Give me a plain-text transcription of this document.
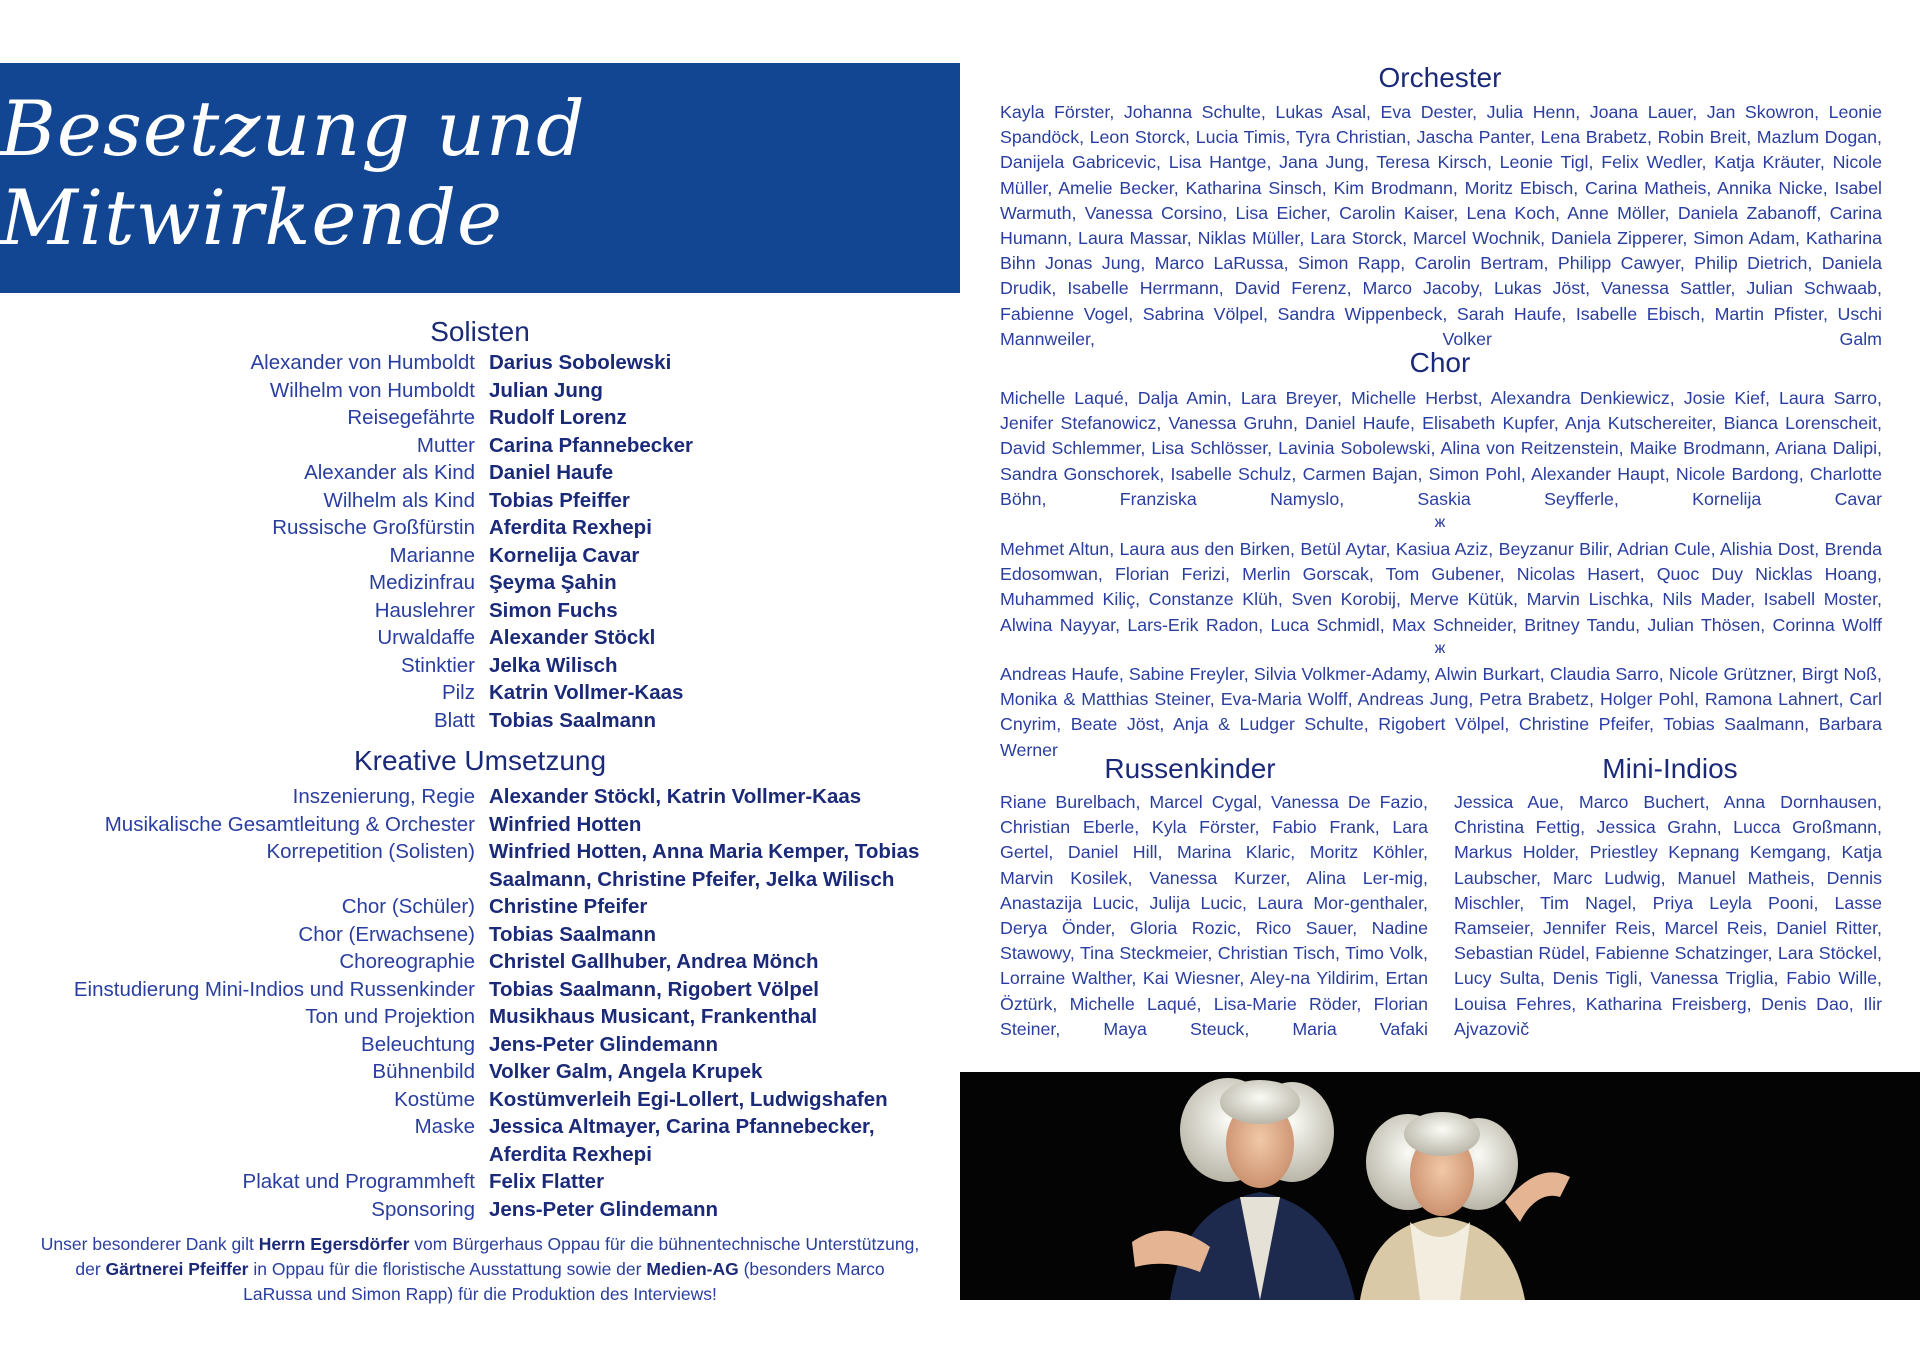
Besetzung und Mitwirkende
Solisten
Alexander von Humboldt Darius Sobolewski
Wilhelm von Humboldt Julian Jung
Reisegefährte Rudolf Lorenz
Mutter Carina Pfannebecker
Alexander als Kind Daniel Haufe
Wilhelm als Kind Tobias Pfeiffer
Russische Großfürstin Aferdita Rexhepi
Marianne Kornelija Cavar
Medizinfrau Şeyma Şahin
Hauslehrer Simon Fuchs
Urwaldaffe Alexander Stöckl
Stinktier Jelka Wilisch
Pilz Katrin Vollmer-Kaas
Blatt Tobias Saalmann
Kreative Umsetzung
Inszenierung, Regie Alexander Stöckl, Katrin Vollmer-Kaas
Musikalische Gesamtleitung & Orchester Winfried Hotten
Korrepetition (Solisten) Winfried Hotten, Anna Maria Kemper, Tobias Saalmann, Christine Pfeifer, Jelka Wilisch
Chor (Schüler) Christine Pfeifer
Chor (Erwachsene) Tobias Saalmann
Choreographie Christel Gallhuber, Andrea Mönch
Einstudierung Mini-Indios und Russenkinder Tobias Saalmann, Rigobert Völpel
Ton und Projektion Musikhaus Musicant, Frankenthal
Beleuchtung Jens-Peter Glindemann
Bühnenbild Volker Galm, Angela Krupek
Kostüme Kostümverleih Egi-Lollert, Ludwigshafen
Maske Jessica Altmayer, Carina Pfannebecker, Aferdita Rexhepi
Plakat und Programmheft Felix Flatter
Sponsoring Jens-Peter Glindemann
Unser besonderer Dank gilt Herrn Egersdörfer vom Bürgerhaus Oppau für die bühnentechnische Unterstützung, der Gärtnerei Pfeiffer in Oppau für die floristische Ausstattung sowie der Medien-AG (besonders Marco LaRussa und Simon Rapp) für die Produktion des Interviews!
Orchester

Kayla Förster, Johanna Schulte, Lukas Asal, Eva Dester, Julia Henn, Joana Lauer, Jan Skowron, Leonie Spandöck, Leon Storck, Lucia Timis, Tyra Christian, Jascha Panter, Lena Brabetz, Robin Breit, Mazlum Dogan, Danijela Gabricevic, Lisa Hantge, Jana Jung, Teresa Kirsch, Leonie Tigl, Felix Wedler, Katja Kräuter, Nicole Müller, Amelie Becker, Katharina Sinsch, Kim Brodmann, Moritz Ebisch, Carina Matheis, Annika Nicke, Isabel Warmuth, Vanessa Corsino, Lisa Eicher, Carolin Kaiser, Lena Koch, Anne Möller, Daniela Zabanoff, Carina Humann, Laura Massar, Niklas Müller, Lara Storck, Marcel Wochnik, Daniela Zipperer, Simon Adam, Katharina Bihn Jonas Jung, Marco LaRussa, Simon Rapp, Carolin Bertram, Philipp Cawyer, Philip Dietrich, Daniela Drudik, Isabelle Herrmann, David Ferenz, Marco Jacoby, Lukas Jöst, Vanessa Sattler, Julian Schwaab, Fabienne Vogel, Sabrina Völpel, Sandra Wippenbeck, Sarah Haufe, Isabelle Ebisch, Martin Pfister, Uschi Mannweiler, Volker Galm

Chor

Michelle Laqué, Dalja Amin, Lara Breyer, Michelle Herbst, Alexandra Denkiewicz, Josie Kief, Laura Sarro, Jenifer Stefanowicz, Vanessa Gruhn, Daniel Haufe, Elisabeth Kupfer, Anja Kutschereiter, Bianca Lorenscheit, David Schlemmer, Lisa Schlösser, Lavinia Sobolewski, Alina von Reitzenstein, Maike Brodmann, Ariana Dalipi, Sandra Gonschorek, Isabelle Schulz, Carmen Bajan, Simon Pohl, Alexander Haupt, Nicole Bardong, Charlotte Böhn, Franziska Namyslo, Saskia Seyfferle, Kornelija Cavar

ж

Mehmet Altun, Laura aus den Birken, Betül Aytar, Kasiua Aziz, Beyzanur Bilir, Adrian Cule, Alishia Dost, Brenda Edosomwan, Florian Ferizi, Merlin Gorscak, Tom Gubener, Nicolas Hasert, Quoc Duy Nicklas Hoang, Muhammed Kiliç, Constanze Klüh, Sven Korobij, Merve Kütük, Marvin Lischka, Nils Mader, Isabell Moster, Alwina Nayyar, Lars-Erik Radon, Luca Schmidl, Max Schneider, Britney Tandu, Julian Thösen, Corinna Wolff

ж

Andreas Haufe, Sabine Freyler, Silvia Volkmer-Adamy, Alwin Burkart, Claudia Sarro, Nicole Grützner, Birgt Noß, Monika & Matthias Steiner, Eva-Maria Wolff, Andreas Jung, Petra Brabetz, Holger Pohl, Ramona Lahnert, Carl Cnyrim, Beate Jöst, Anja & Ludger Schulte, Rigobert Völpel, Christine Pfeifer, Tobias Saalmann, Barbara Werner

Russenkinder

Riane Burelbach, Marcel Cygal, Vanessa De Fazio, Christian Eberle, Kyla Förster, Fabio Frank, Lara Gertel, Daniel Hill, Marina Klaric, Moritz Köhler, Marvin Kosilek, Vanessa Kurzer, Alina Ler-mig, Anastazija Lucic, Julija Lucic, Laura Mor-genthaler, Derya Önder, Gloria Rozic, Rico Sauer, Nadine Stawowy, Tina Steckmeier, Christian Tisch, Timo Volk, Lorraine Walther, Kai Wiesner, Aley-na Yildirim, Ertan Öztürk, Michelle Laqué, Lisa-Marie Röder, Florian Steiner, Maya Steuck, Maria Vafaki

Mini-Indios

Jessica Aue, Marco Buchert, Anna Dornhausen, Christina Fettig, Jessica Grahn, Lucca Großmann, Markus Holder, Priestley Kepnang Kemgang, Katja Laubscher, Marc Ludwig, Manuel Matheis, Dennis Mischler, Tim Nagel, Priya Leyla Pooni, Lasse Ramseier, Jennifer Reis, Marcel Reis, Daniel Ritter, Sebastian Rüdel, Fabienne Schatzinger, Lara Stöckel, Lucy Sulta, Denis Tigli, Vanessa Triglia, Fabio Wille, Louisa Fehres, Katharina Freisberg, Denis Dao, Ilir Ajvazovič
